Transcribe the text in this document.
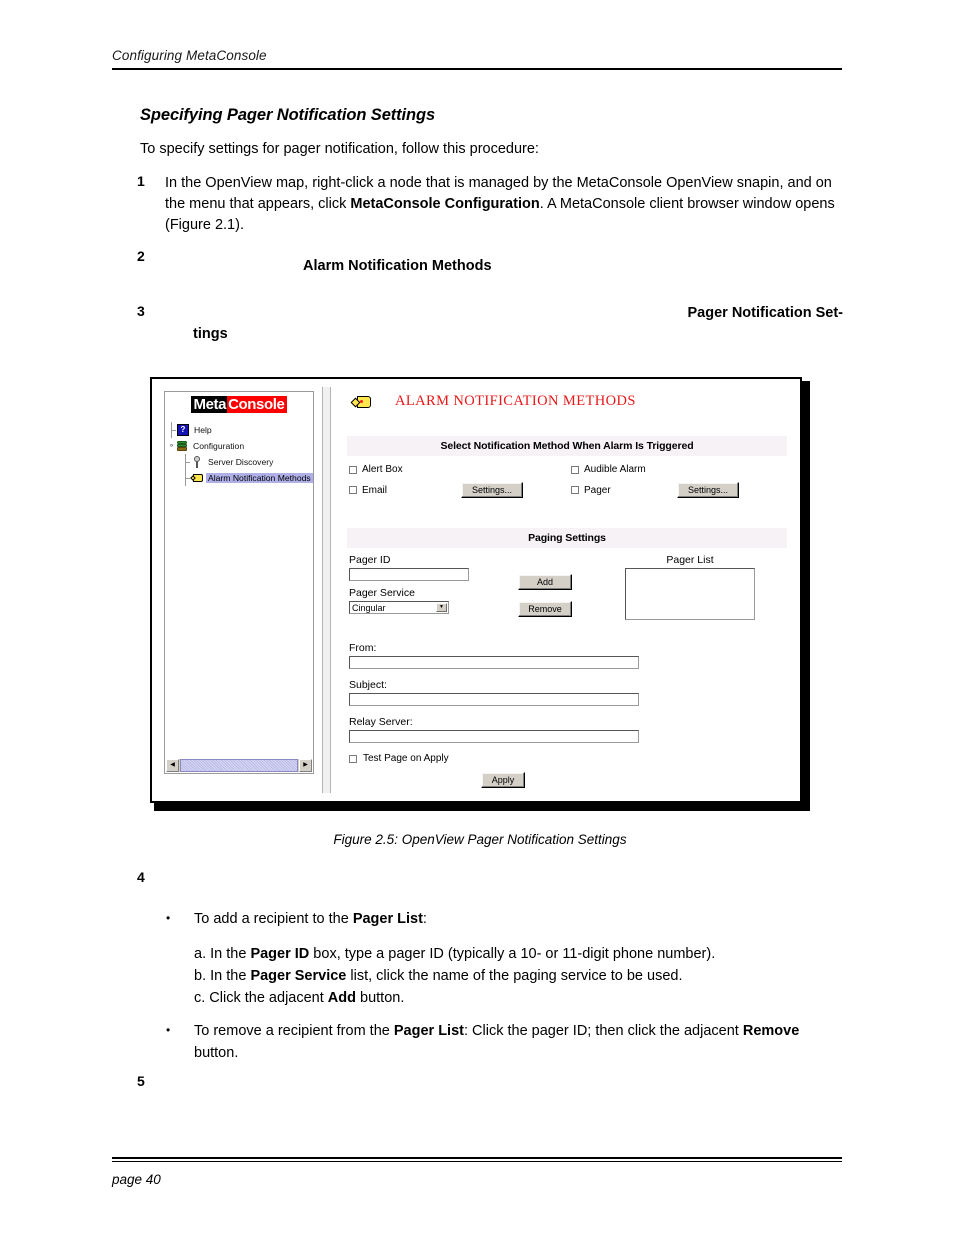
Configuring MetaConsole
Specifying Pager Notification Settings
To specify settings for pager notification, follow this procedure:
1	In the OpenView map, right-click a node that is managed by the MetaConsole OpenView snapin, and on the menu that appears, click MetaConsole Configuration. A MetaConsole client browser window opens (Figure 2.1).
2
Alarm Notification Methods
3	Pager Notification Set-
tings
Meta Console
? Help
⚬ Configuration
Server Discovery
Alarm Notification Methods
◀	▶
ALARM NOTIFICATION METHODS
Select Notification Method When Alarm Is Triggered
Alert Box	Audible Alarm
Email	Settings...	Pager	Settings...
Paging Settings
Pager ID
Pager Service
Cingular	▼
Add Remove
Pager List
From:
Subject:
Relay Server:
Test Page on Apply
Apply
Figure 2.5: OpenView Pager Notification Settings
4
•	To add a recipient to the Pager List:
a. In the Pager ID box, type a pager ID (typically a 10- or 11-digit phone number).
b. In the Pager Service list, click the name of the paging service to be used.
c. Click the adjacent Add button.
•	To remove a recipient from the Pager List: Click the pager ID; then click the adjacent Remove button.
5
page 40
